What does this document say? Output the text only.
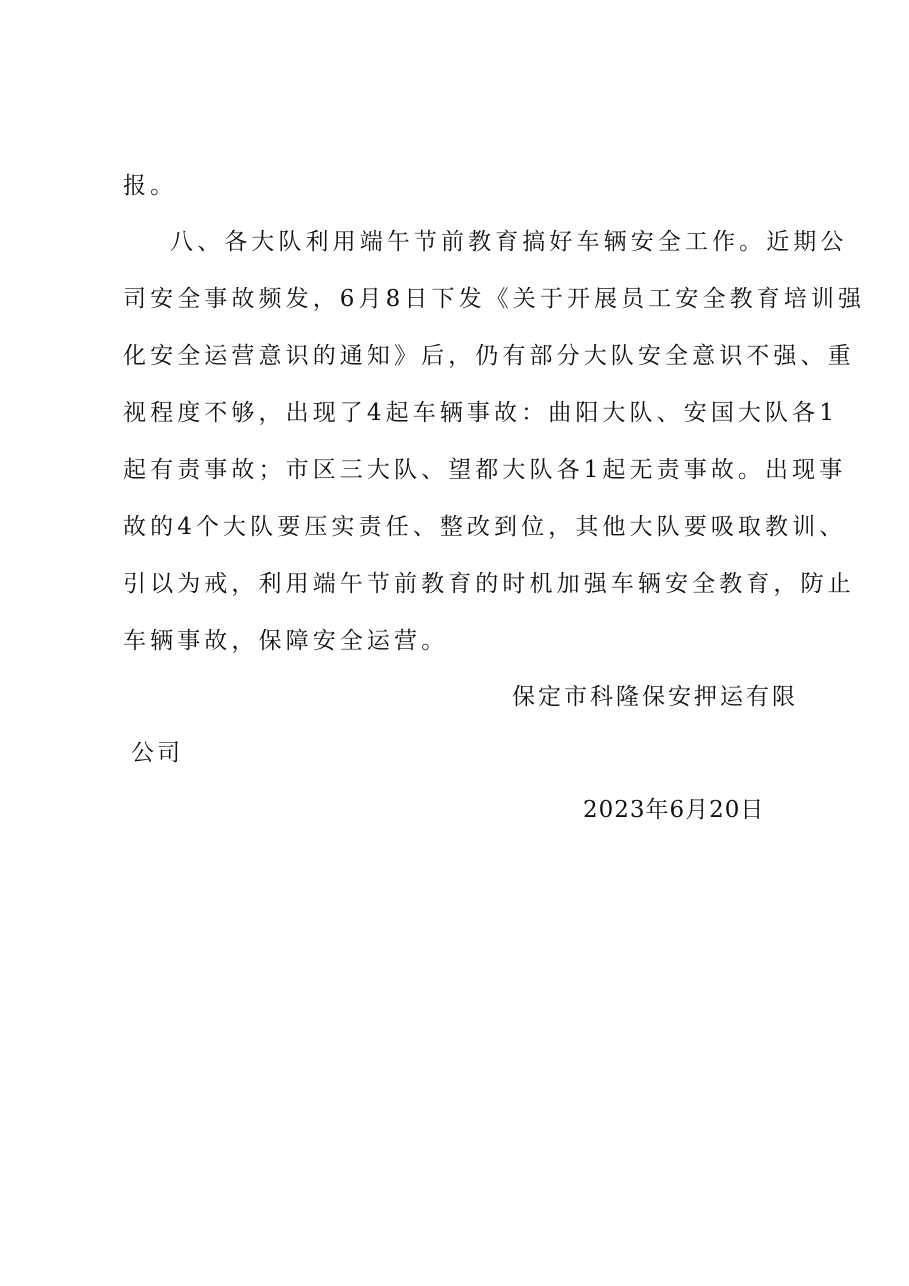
报。
八、各大队利用端午节前教育搞好车辆安全工作。近期公
司安全事故频发，6月8日下发《关于开展员工安全教育培训强
化安全运营意识的通知》后，仍有部分大队安全意识不强、重
视程度不够，出现了4起车辆事故：曲阳大队、安国大队各1
起有责事故；市区三大队、望都大队各1起无责事故。出现事
故的4个大队要压实责任、整改到位，其他大队要吸取教训、
引以为戒，利用端午节前教育的时机加强车辆安全教育，防止
车辆事故，保障安全运营。
保定市科隆保安押运有限
公司
2023年6月20日
